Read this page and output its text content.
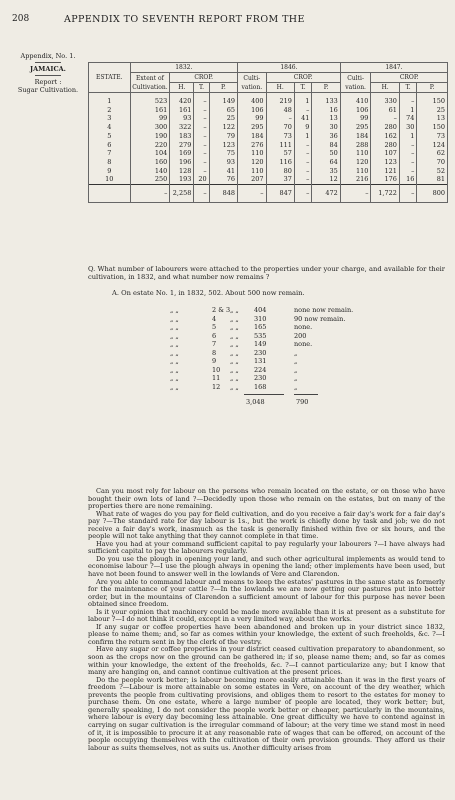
208	APPENDIX TO SEVENTH REPORT FROM THE
Appendix, No. 1.
JAMAICA.
Report :
Sugar Cultivation.
ESTATE.	1832.				1846.				1847.			
	Extent of Cultivation.	CROP.			Culti-vation.	CROP.			Culti-vation.	CROP.		
		H.	T.	P.		H.	T.	P.		H.	T.	P.
1	523	420	–	149	400	219	1	133	410	330	–	150
2	161	161	–	65	106	48	–	16	106	61	1	25
3	99	93	–	25	99	–	41	13	99	–	74	13
4	300	322	–	122	295	70	9	30	295	280	30	150
5	190	183	–	79	184	73	1	36	184	162	1	73
6	220	279	–	123	276	111	–	84	288	280	–	124
7	104	169	–	75	110	57	–	50	110	107	–	62
8	160	196	–	93	120	116	–	64	120	123	–	70
9	140	128	–	41	110	80	–	35	110	121	–	52
10	250	193	20	76	207	37	–	12	216	176	16	81
	–	2,258	–	848	–	847	–	472	–	1,722	–	800
Q. What number of labourers were attached to the properties under your charge, and available for their cultivation, in 1832, and what number now remains ?
A. On estate No. 1, in 1832, 502. About 500 now remain.
„ „	2 & 3 „ „ 404	none now remain.
„ „	4 „ „ 310	90 now remain.
„ „	5 „ „ 165	none.
„ „	6 „ „ 535	200
„ „	7 „ „ 149	none.
„ „	8 „ „ 230	„
„ „	9 „ „ 131	„
„ „	10 „ „ 224	„
„ „	11 „ „ 230	„
„ „	12 „ „ 168	„
3,048	790

Can you most rely for labour on the persons who remain located on the estate, or on those who have bought their own lots of land ?—Decidedly upon those who remain on the estates, but on many of the properties there are none remaining.

What rate of wages do you pay for field cultivation, and do you receive a fair day's work for a fair day's pay ?—The standard rate for day labour is 1s., but the work is chiefly done by task and job; we do not receive a fair day's work, inasmuch as the task is generally finished within five or six hours, and the people will not take anything that they cannot complete in that time.

Have you had at your command sufficient capital to pay regularly your labourers ?—I have always had sufficient capital to pay the labourers regularly.

Do you use the plough in opening your land, and such other agricultural implements as would tend to economise labour ?—I use the plough always in opening the land; other implements have been used, but have not been found to answer well in the lowlands of Vere and Clarendon.

Are you able to command labour and means to keep the estates' pastures in the same state as formerly for the maintenance of your cattle ?—In the lowlands we are now getting our pastures put into better order, but in the mountains of Clarendon a sufficient amount of labour for this purpose has never been obtained since freedom.

Is it your opinion that machinery could be made more available than it is at present as a substitute for labour ?—I do not think it could, except in a very limited way, about the works.

If any sugar or coffee properties have been abandoned and broken up in your district since 1832, please to name them; and, so far as comes within your knowledge, the extent of such freeholds, &c. ?—I confirm the return sent in by the clerk of the vestry.

Have any sugar or coffee properties in your district ceased cultivation preparatory to abandonment, so soon as the crops now on the ground can be gathered in; if so, please name them; and, so far as comes within your knowledge, the extent of the freeholds, &c. ?—I cannot particularize any; but I know that many are hanging on, and cannot continue cultivation at the present prices.

Do the people work better; is labour becoming more easily attainable than it was in the first years of freedom ?—Labour is more attainable on some estates in Vere, on account of the dry weather, which prevents the people from cultivating provisions, and obliges them to resort to the estates for money to purchase them. On one estate, where a large number of people are located, they work better; but, generally speaking, I do not consider the people work better or cheaper, particularly in the mountains, where labour is every day becoming less attainable. One great difficulty we have to contend against in carrying on sugar cultivation is the irregular command of labour; at the very time we stand most in need of it, it is impossible to procure it at any reasonable rate of wages that can be offered, on account of the people occupying themselves with the cultivation of their own provision grounds. They afford us their labour as suits themselves, not as suits us. Another difficulty arises from
